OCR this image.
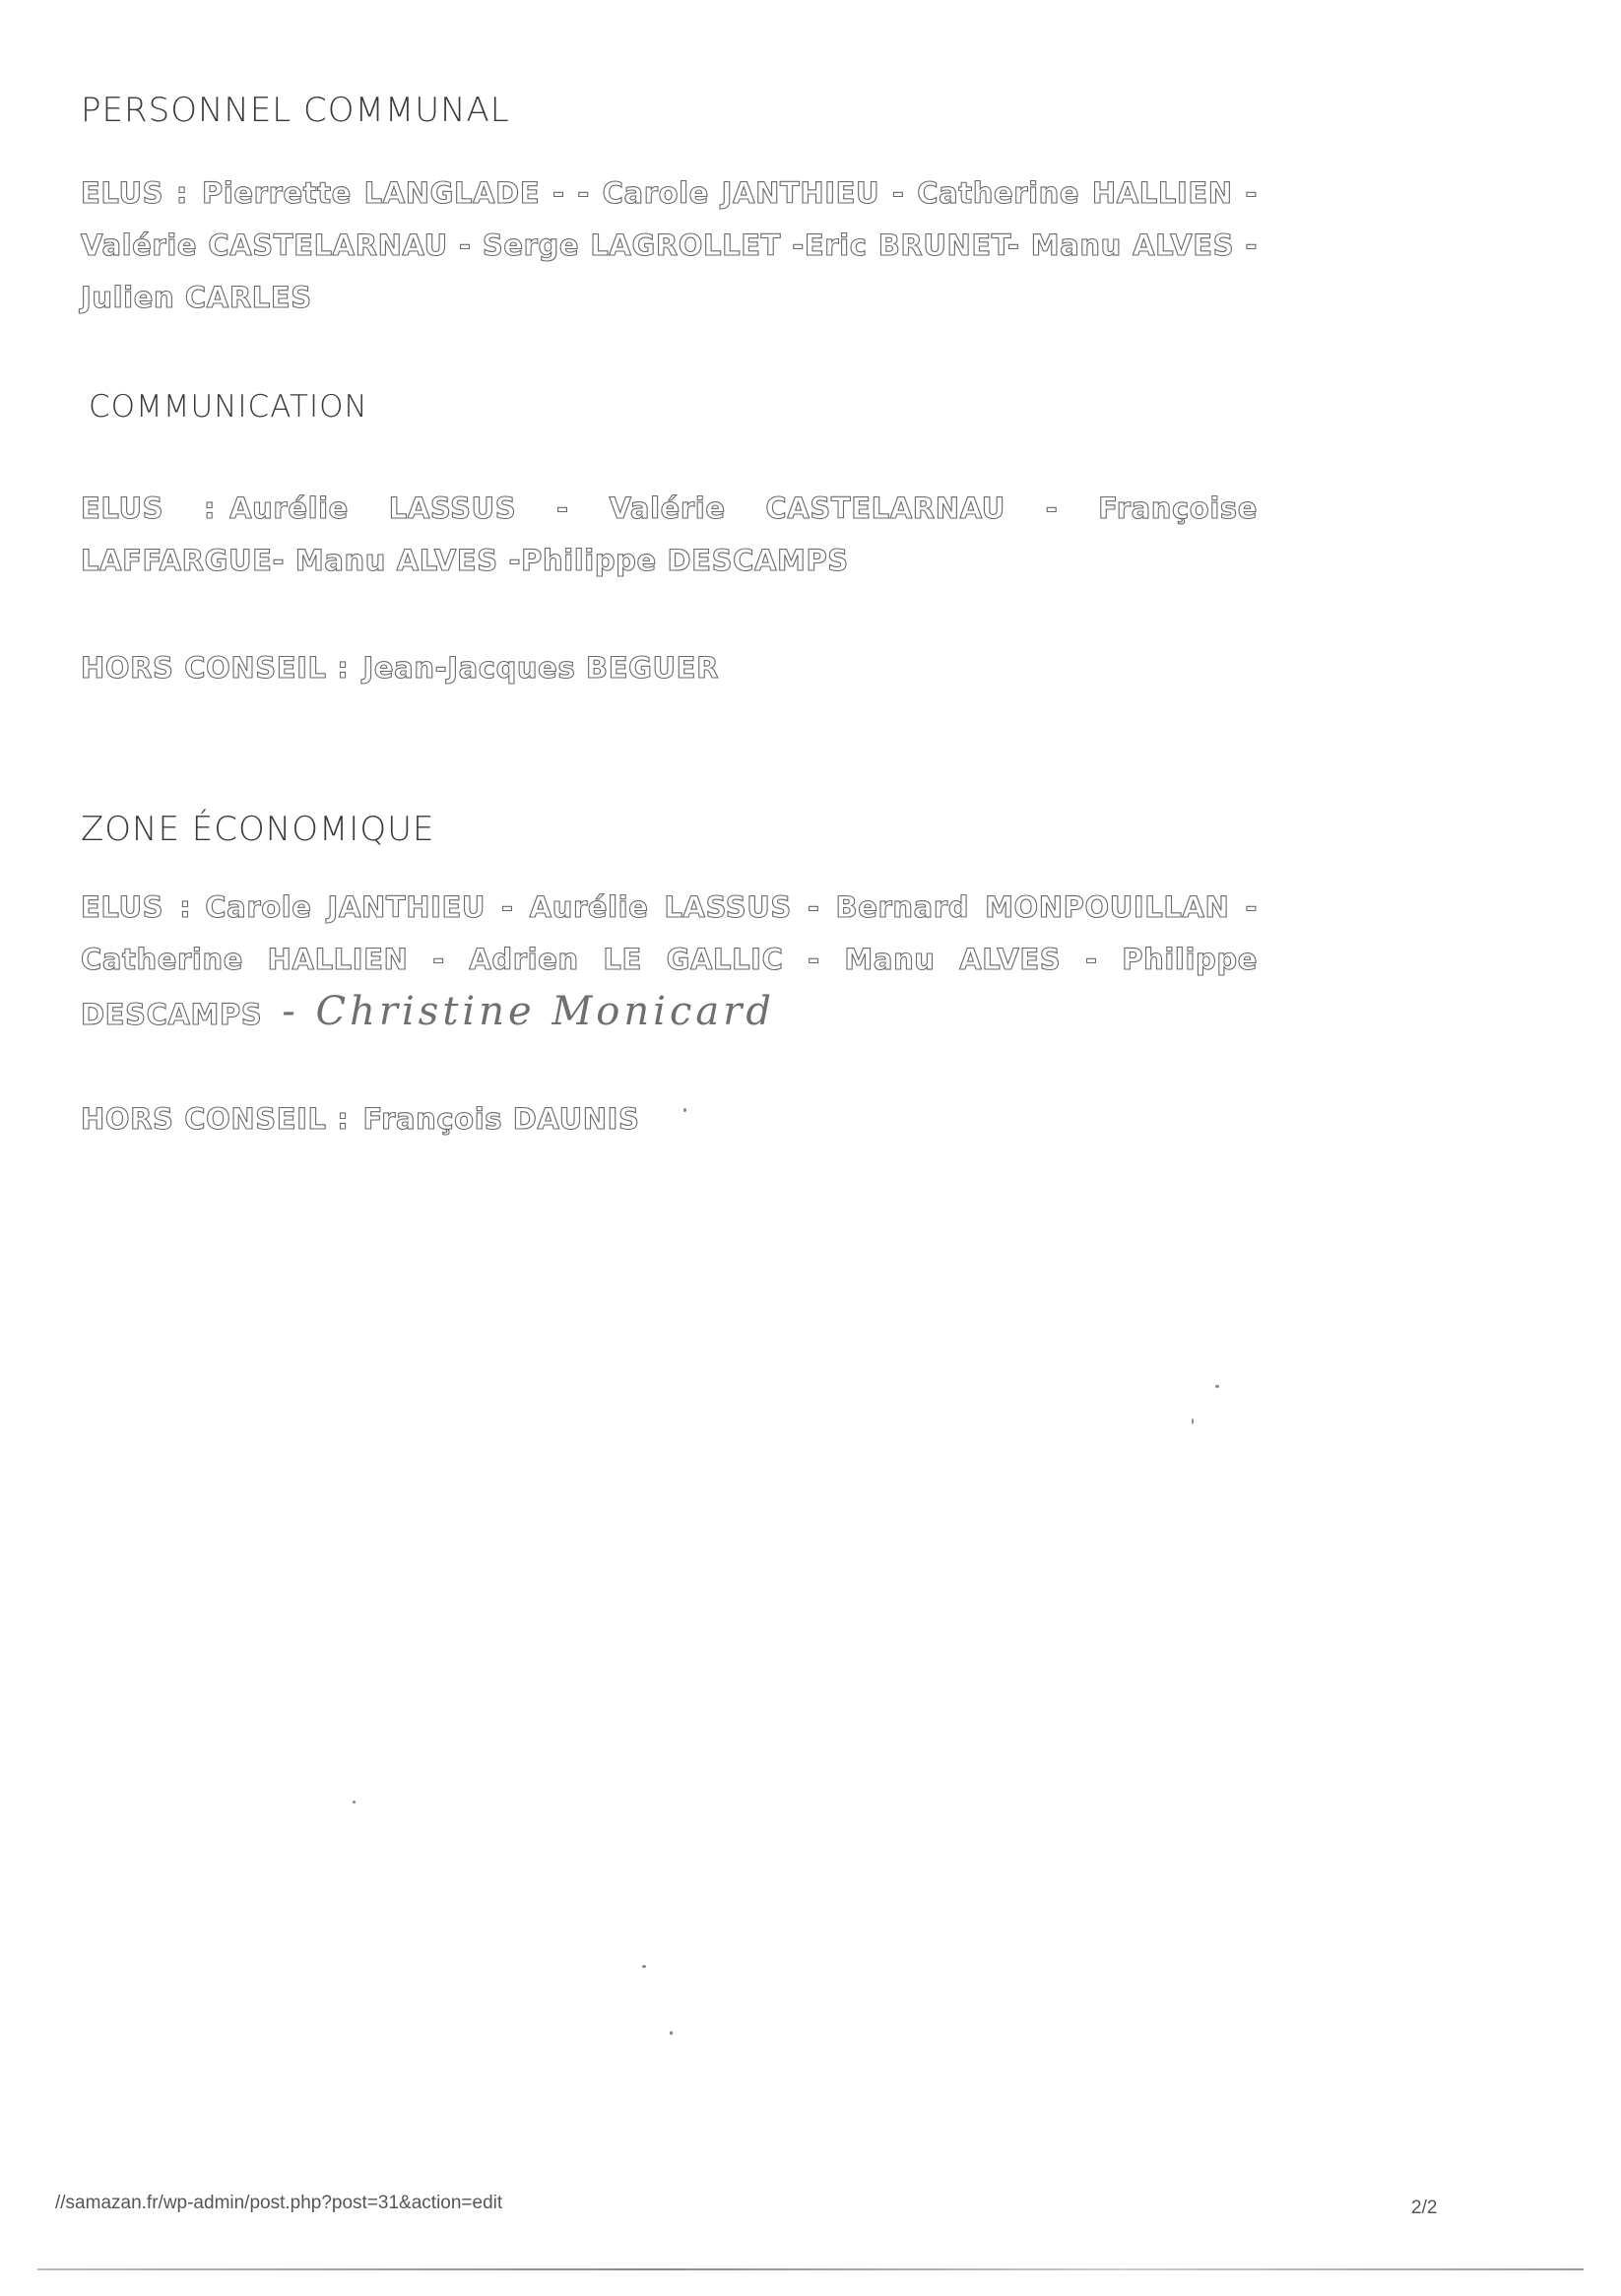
PERSONNEL COMMUNAL

ELUS : Pierrette LANGLADE - - Carole JANTHIEU - Catherine HALLIEN - Valérie CASTELARNAU - Serge LAGROLLET -Eric BRUNET- Manu ALVES - Julien CARLES

COMMUNICATION

ELUS : Aurélie LASSUS - Valérie CASTELARNAU - Françoise LAFFARGUE- Manu ALVES -Philippe DESCAMPS

HORS CONSEIL : Jean-Jacques BEGUER

ZONE ÉCONOMIQUE

ELUS : Carole JANTHIEU - Aurélie LASSUS - Bernard MONPOUILLAN - Catherine HALLIEN - Adrien LE GALLIC - Manu ALVES - Philippe DESCAMPS - Christine Monicard

HORS CONSEIL : François DAUNIS

//samazan.fr/wp-admin/post.php?post=31&action=edit	2/2
